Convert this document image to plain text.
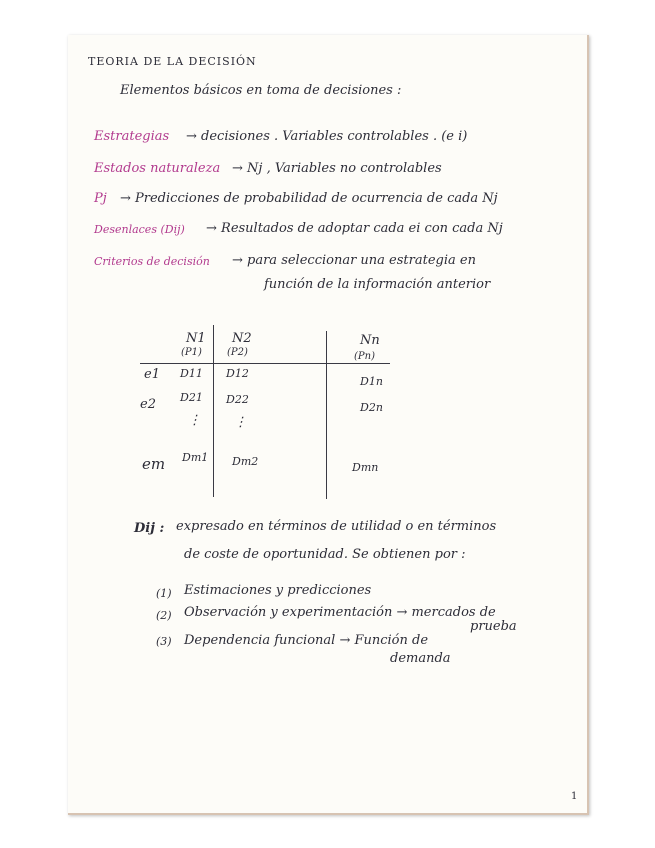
TEORIA DE LA DECISIÓN
Elementos básicos en toma de decisiones :
Estrategias → decisiones . Variables controlables . (e i)
Estados naturaleza → Nj , Variables no controlables
Pj → Predicciones de probabilidad de ocurrencia de cada Nj
Desenlaces (Dij) → Resultados de adoptar cada ei con cada Nj
Criterios de decisión → para seleccionar una estrategia en
función de la información anterior
N1
(P1)
N2
(P2)
Nn
(Pn)
e1 D11 D12
D1n
e2 D21 D22
D2n
⋮	⋮
em Dm1 Dm2	Dmn
Dij : expresado en términos de utilidad o en términos
de coste de oportunidad. Se obtienen por :
(1) Estimaciones y predicciones
(2) Observación y experimentación → mercados de
prueba
(3) Dependencia funcional → Función de
demanda
1
